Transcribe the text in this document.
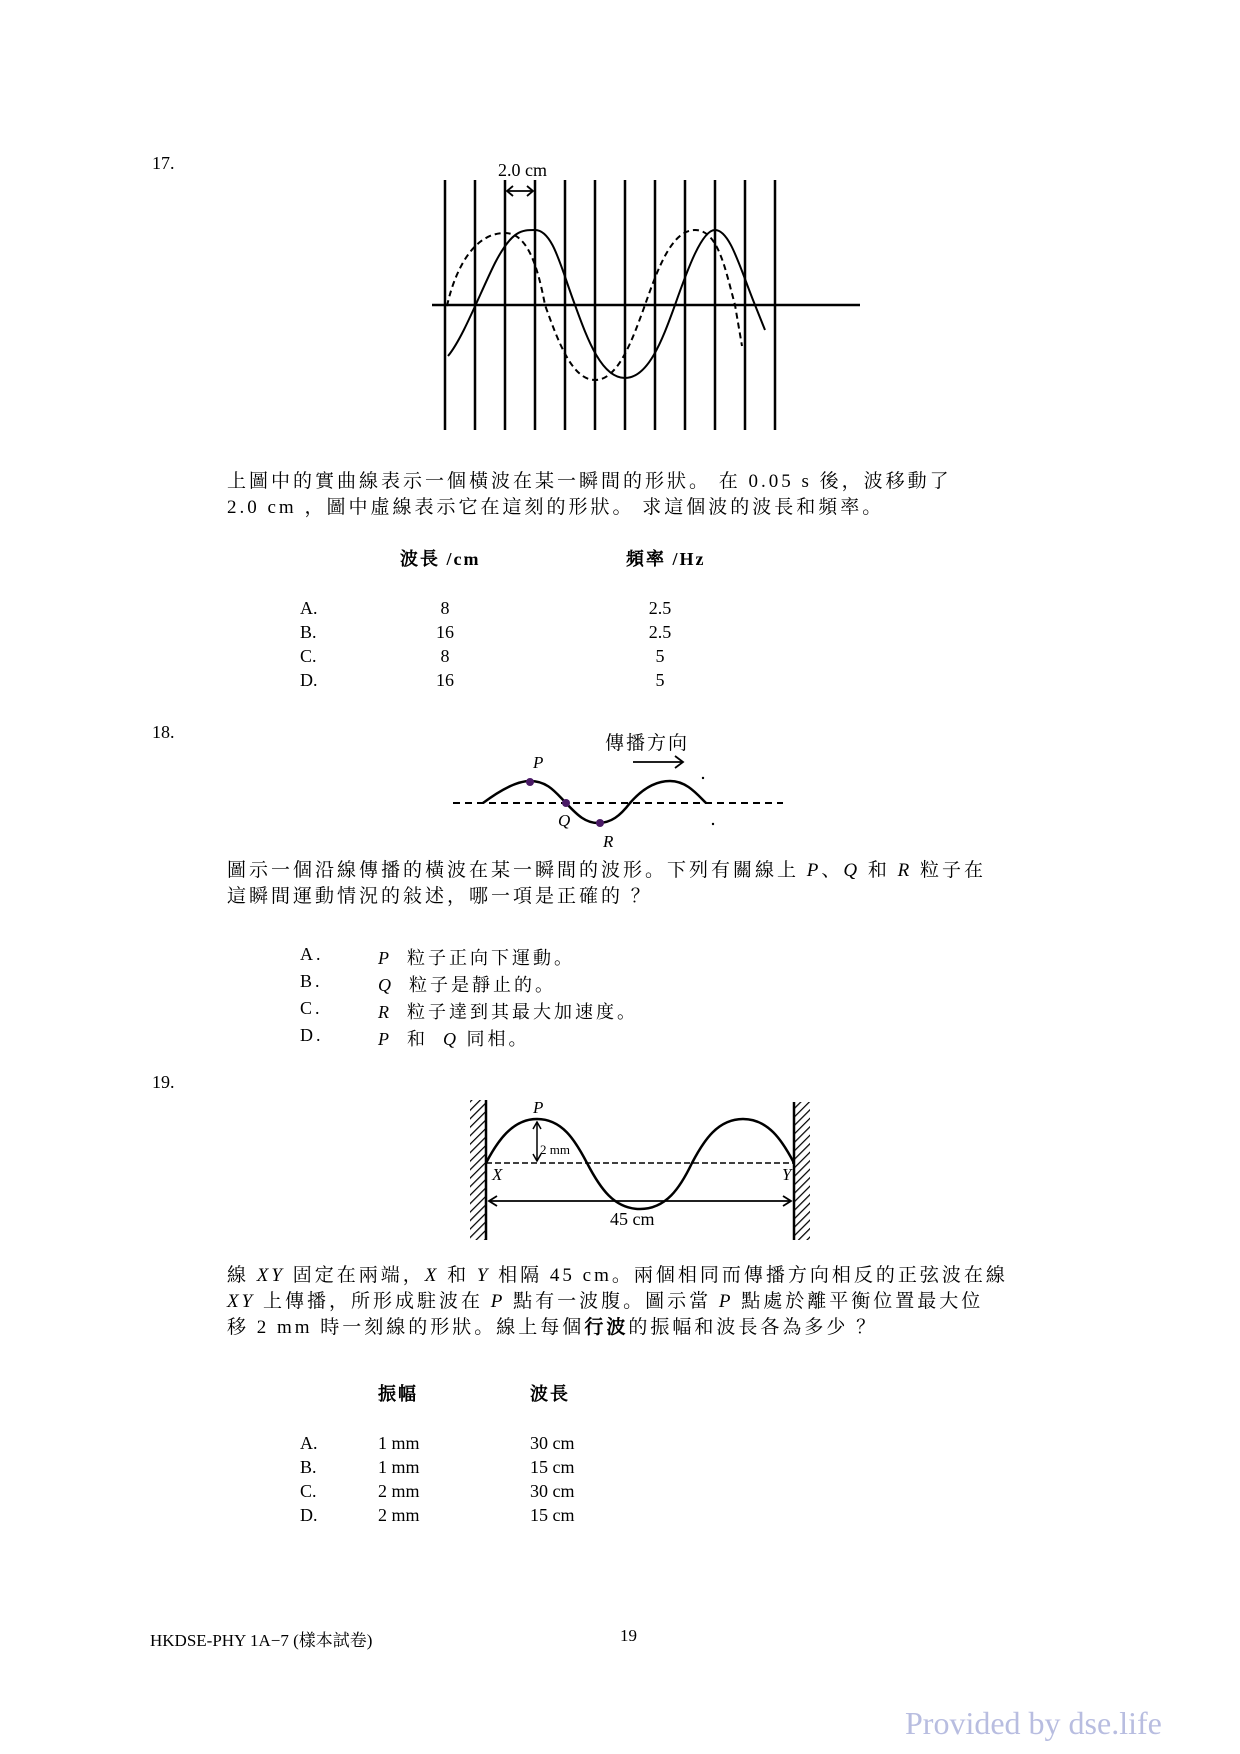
17.	2.0 cm
上圖中的實曲線表示一個橫波在某一瞬間的形狀。 在 0.05 s 後，波移動了
2.0 cm ，圖中虛線表示它在這刻的形狀。 求這個波的波長和頻率。
波長 /cm	頻率 /Hz
A.	8	2.5
B.	16	2.5
C.	8	5
D.	16	5
18.
傳播方向
P
Q
R
圖示一個沿線傳播的橫波在某一瞬間的波形。下列有關線上 P、Q 和 R 粒子在
這瞬間運動情況的敍述，哪一項是正確的 ？
A.	P 粒子正向下運動。
B.	Q 粒子是靜止的。
C.	R 粒子達到其最大加速度。
D.	P 和 Q 同相。
19.
P
2 mm
X	Y
45 cm
線 XY 固定在兩端，X 和 Y 相隔 45 cm。兩個相同而傳播方向相反的正弦波在線
XY 上傳播，所形成駐波在 P 點有一波腹。圖示當 P 點處於離平衡位置最大位
移 2 mm 時一刻線的形狀。線上每個行波的振幅和波長各為多少 ？
振幅	波長
A.	1 mm	30 cm
B.	1 mm	15 cm
C.	2 mm	30 cm
D.	2 mm	15 cm
HKDSE-PHY 1A−7 (樣本試卷)	19
Provided by dse.life
